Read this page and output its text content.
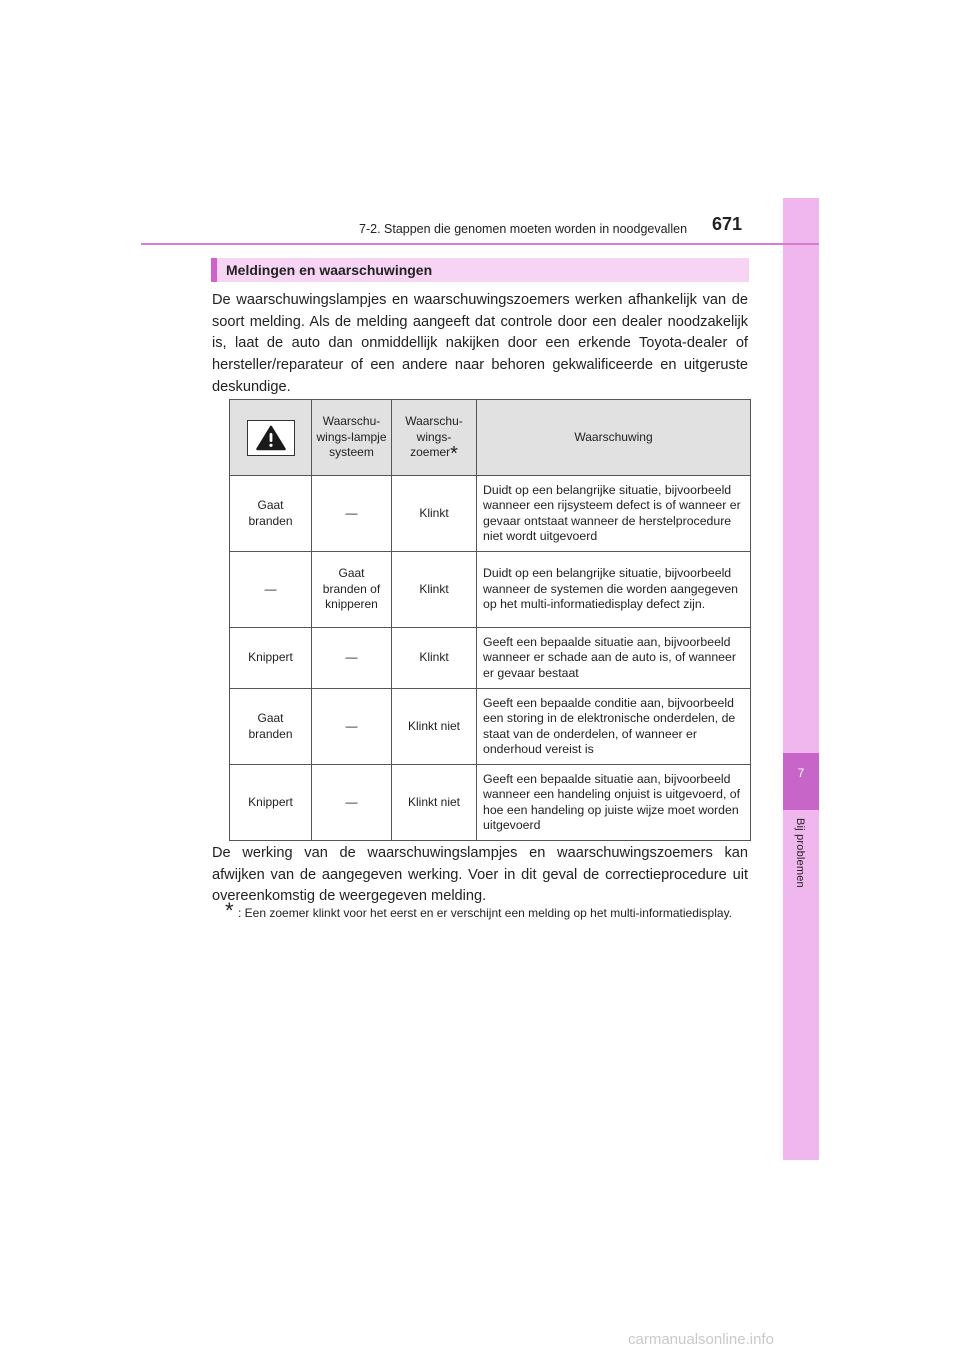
7
Bij problemen
7-2. Stappen die genomen moeten worden in noodgevallen 671
Meldingen en waarschuwingen

De waarschuwingslampjes en waarschuwingszoemers werken afhankelijk van de soort melding. Als de melding aangeeft dat controle door een dealer noodzakelijk is, laat de auto dan onmiddellijk nakijken door een erkende Toyota-dealer of hersteller/reparateur of een andere naar behoren gekwalificeerde en uitgeruste deskundige.

	Waarschu-wings-lampje systeem	Waarschu-wings-zoemer*	Waarschuwing
Gaat branden	—	Klinkt	Duidt op een belangrijke situatie, bijvoorbeeld wanneer een rijsysteem defect is of wanneer er gevaar ontstaat wanneer de herstelprocedure niet wordt uitgevoerd
—	Gaat branden of knipperen	Klinkt	Duidt op een belangrijke situatie, bijvoorbeeld wanneer de systemen die worden aangegeven op het multi-informatiedisplay defect zijn.
Knippert	—	Klinkt	Geeft een bepaalde situatie aan, bijvoorbeeld wanneer er schade aan de auto is, of wanneer er gevaar bestaat
Gaat branden	—	Klinkt niet	Geeft een bepaalde conditie aan, bijvoorbeeld een storing in de elektronische onderdelen, de staat van de onderdelen, of wanneer er onderhoud vereist is
Knippert	—	Klinkt niet	Geeft een bepaalde situatie aan, bijvoorbeeld wanneer een handeling onjuist is uitgevoerd, of hoe een handeling op juiste wijze moet worden uitgevoerd

De werking van de waarschuwingslampjes en waarschuwingszoemers kan afwijken van de aangegeven werking. Voer in dit geval de correctieprocedure uit overeenkomstig de weergegeven melding.

* : Een zoemer klinkt voor het eerst en er verschijnt een melding op het multi-informatiedisplay.
carmanualsonline.info
